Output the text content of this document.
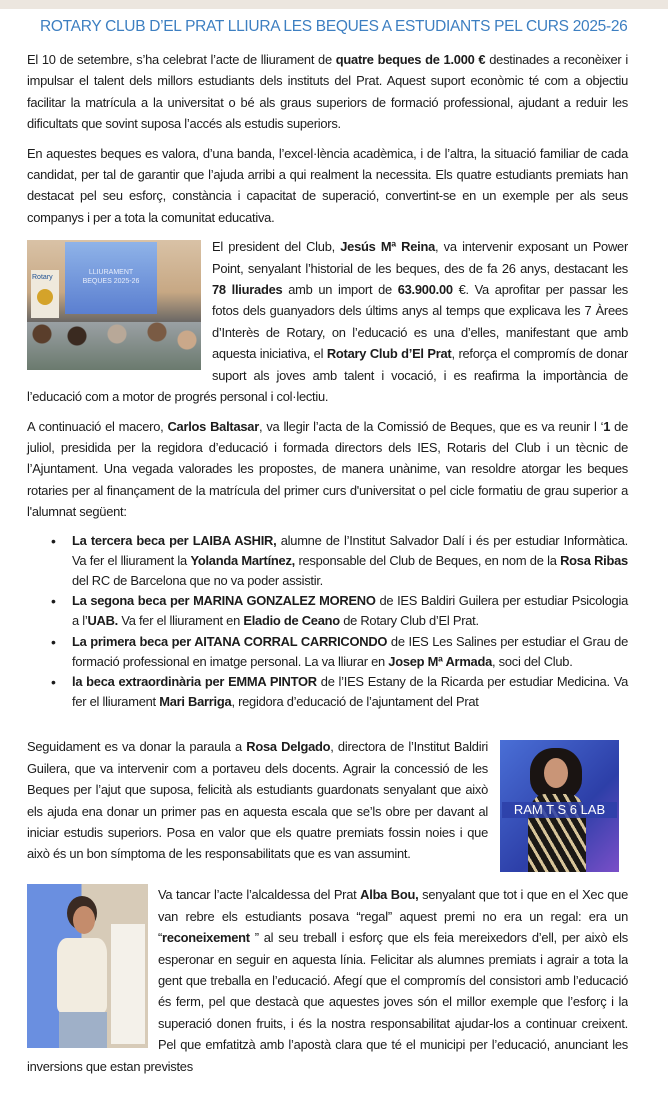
ROTARY CLUB D’EL PRAT LLIURA LES BEQUES A ESTUDIANTS PEL CURS 2025-26

El 10 de setembre, s’ha celebrat l’acte de lliurament de quatre beques de 1.000 € destinades a reconèixer i impulsar el talent dels millors estudiants dels instituts del Prat. Aquest suport econòmic té com a objectiu facilitar la matrícula a la universitat o bé als graus superiors de formació professional, ajudant a reduir les dificultats que sovint suposa l’accés als estudis superiors.

En aquestes beques es valora, d’una banda, l’excel·lència acadèmica, i de l’altra, la situació familiar de cada candidat, per tal de garantir que l’ajuda arribi a qui realment la necessita. Els quatre estudiants premiats han destacat pel seu esforç, constància i capacitat de superació, convertint-se en un exemple per als seus companys i per a tota la comunitat educativa.

LLIURAMENT BEQUES 2025-26
Rotary

El president del Club, Jesús Mª Reina, va intervenir exposant un Power Point, senyalant l’historial de les beques, des de fa 26 anys, destacant les 78 lliurades amb un import de 63.900.00 €. Va aprofitar per passar les fotos dels guanyadors dels últims anys al temps que explicava les 7 Àrees d’Interès de Rotary, on l’educació es una d’elles, manifestant que amb aquesta iniciativa, el Rotary Club d’El Prat, reforça el compromís de donar suport als joves amb talent i vocació, i es reafirma la importància de l’educació com a motor de progrés personal i col·lectiu.

A continuació el macero, Carlos Baltasar, va llegir l’acta de la Comissió de Beques, que es va reunir l ‘1 de juliol, presidida per la regidora d’educació i formada directors dels IES, Rotaris del Club i un tècnic de l’Ajuntament. Una vegada valorades les propostes, de manera unànime, van resoldre atorgar les beques rotaries per al finançament de la matrícula del primer curs d'universitat o pel cicle formatiu de grau superior a l'alumnat següent:

• La tercera beca per LAIBA ASHIR, alumne de l’Institut Salvador Dalí i és per estudiar Informàtica. Va fer el lliurament la Yolanda Martínez, responsable del Club de Beques, en nom de la Rosa Ribas del RC de Barcelona que no va poder assistir.
• La segona beca per MARINA GONZALEZ MORENO de IES Baldiri Guilera per estudiar Psicologia a l’UAB. Va fer el lliurament en Eladio de Ceano de Rotary Club d’El Prat.
• La primera beca per AITANA CORRAL CARRICONDO de IES Les Salines per estudiar el Grau de formació professional en imatge personal. La va lliurar en Josep Mª Armada, soci del Club.
• la beca extraordinària per EMMA PINTOR de l’IES Estany de la Ricarda per estudiar Medicina. Va fer el lliurament Mari Barriga, regidora d’educació de l’ajuntament del Prat
RAM T S 6 LAB

Seguidament es va donar la paraula a Rosa Delgado, directora de l’Institut Baldiri Guilera, que va intervenir com a portaveu dels docents. Agrair la concessió de les Beques per l’ajut que suposa, felicità als estudiants guardonats senyalant que això els ajuda ena donar un primer pas en aquesta escala que se’ls obre per davant al iniciar estudis superiors. Posa en valor que els quatre premiats fossin noies i que això és un bon símptoma de les responsabilitats que es van assumint.

Va tancar l’acte l’alcaldessa del Prat Alba Bou, senyalant que tot i que en el Xec que van rebre els estudiants posava “regal” aquest premi no era un regal: era un “reconeixement ” al seu treball i esforç que els feia mereixedors d’ell, per això els esperonar en seguir en aquesta línia. Felicitar als alumnes premiats i agrair a tota la gent que treballa en l’educació. Afegí que el compromís del consistori amb l’educació és ferm, pel que destacà que aquestes joves són el millor exemple que l’esforç i la superació donen fruits, i és la nostra responsabilitat ajudar-los a continuar creixent. Pel que emfatitzà amb l’apostà clara que té el municipi per l’educació, anunciant les inversions que estan previstes
